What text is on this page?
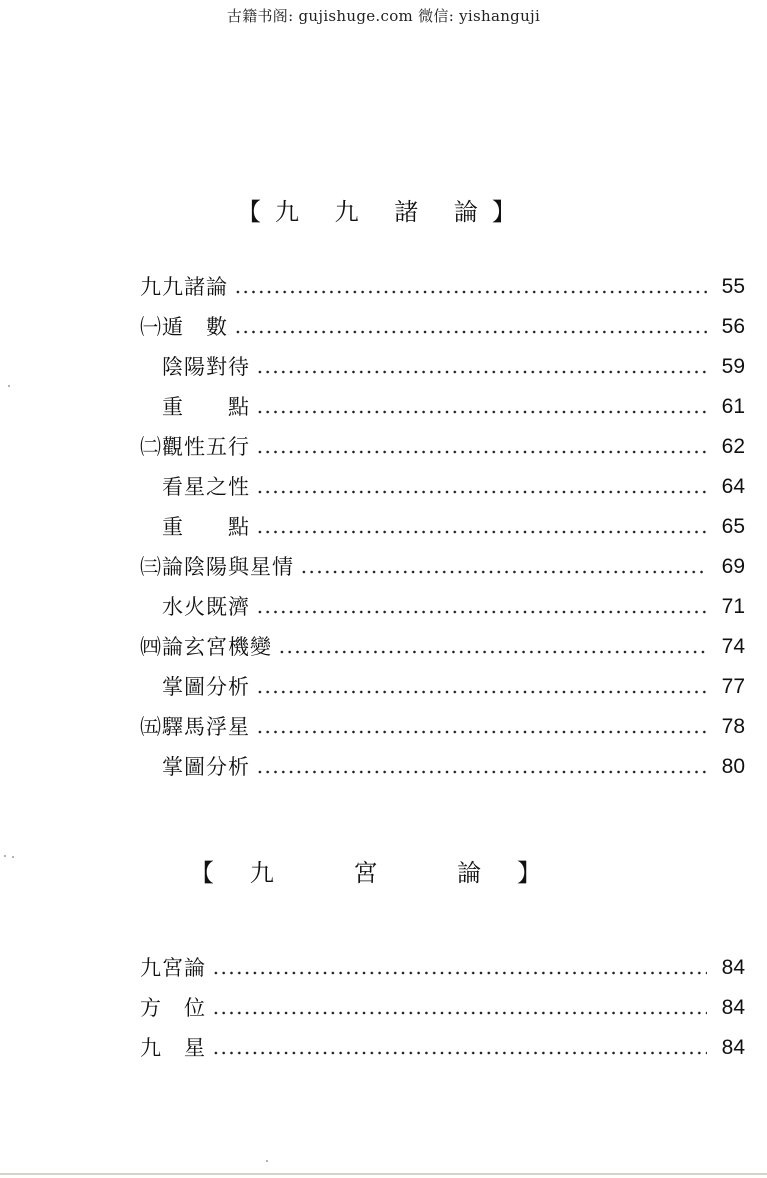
古籍书阁: gujishuge.com 微信: yishanguji
【九 九 諸 論】
九九諸論	55
㈠遁　數	56
　陰陽對待	59
　重　　點	61
㈡觀性五行	62
　看星之性	64
　重　　點	65
㈢論陰陽與星情	69
　水火既濟	71
㈣論玄宮機變	74
　掌圖分析	77
㈤驛馬浮星	78
　掌圖分析	80
【九 宮 論】
九宮論	84
方　位	84
九　星	84
